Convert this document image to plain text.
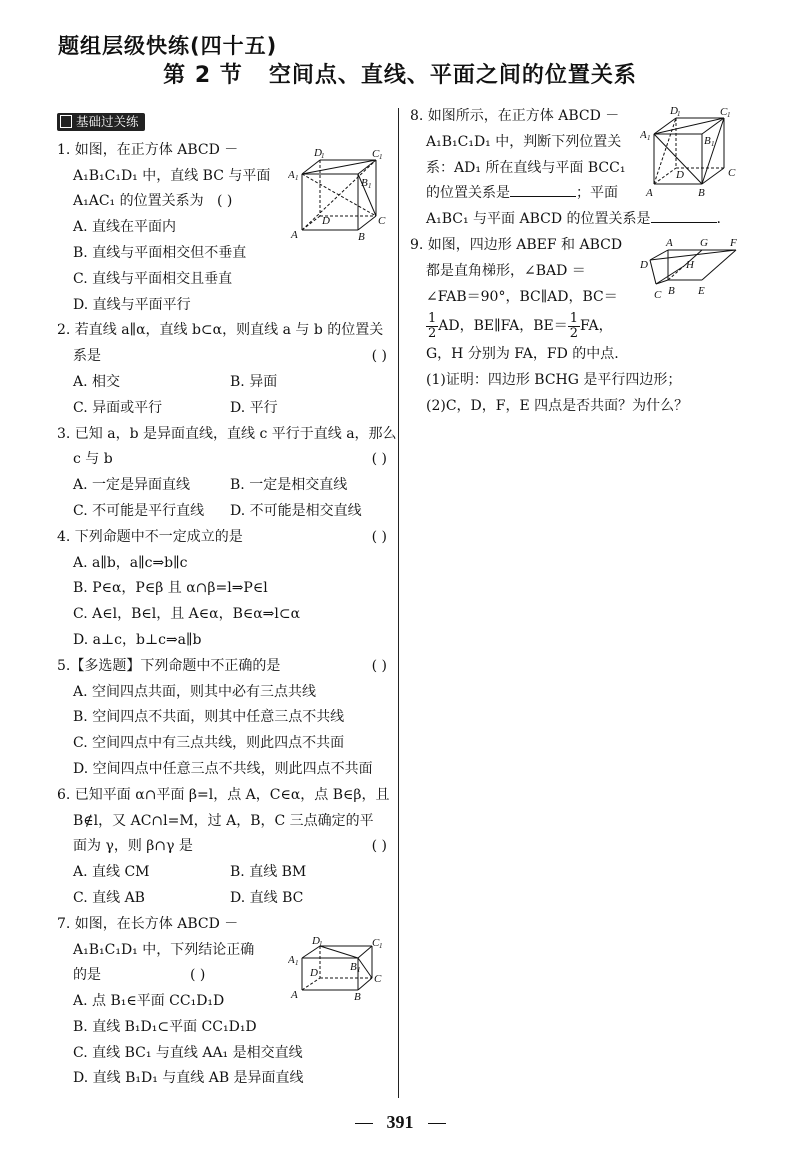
题组层级快练(四十五)
第 2 节 空间点、直线、平面之间的位置关系
基础过关练
1. 如图，在正方体 ABCD －
A₁B₁C₁D₁ 中，直线 BC 与平面
A₁AC₁ 的位置关系为 ( )
A. 直线在平面内
B. 直线与平面相交但不垂直
C. 直线与平面相交且垂直
D. 直线与平面平行
2. 若直线 a∥α，直线 b⊂α，则直线 a 与 b 的位置关
系是	( )
A. 相交	B. 异面
C. 异面或平行	D. 平行
3. 已知 a，b 是异面直线，直线 c 平行于直线 a，那么
c 与 b	( )
A. 一定是异面直线	B. 一定是相交直线
C. 不可能是平行直线	D. 不可能是相交直线
4. 下列命题中不一定成立的是	( )
A. a∥b，a∥c⇒b∥c
B. P∈α，P∈β 且 α∩β=l⇒P∈l
C. A∈l，B∈l，且 A∈α，B∈α⇒l⊂α
D. a⊥c，b⊥c⇒a∥b
5.【多选题】下列命题中不正确的是	( )
A. 空间四点共面，则其中必有三点共线
B. 空间四点不共面，则其中任意三点不共线
C. 空间四点中有三点共线，则此四点不共面
D. 空间四点中任意三点不共线，则此四点不共面
6. 已知平面 α∩平面 β=l，点 A，C∈α，点 B∈β，且
B∉l，又 AC∩l=M，过 A，B，C 三点确定的平
面为 γ，则 β∩γ 是	( )
A. 直线 CM	B. 直线 BM
C. 直线 AB	D. 直线 BC
7. 如图，在长方体 ABCD －
A₁B₁C₁D₁ 中，下列结论正确
的是	( )
A. 点 B₁∈平面 CC₁D₁D
B. 直线 B₁D₁⊂平面 CC₁D₁D
C. 直线 BC₁ 与直线 AA₁ 是相交直线
D. 直线 B₁D₁ 与直线 AB 是异面直线
D 1	C 1
A 1	B 1
D	C
A	B
D 1	C 1
A 1	B 1
D	C
A	B
8. 如图所示，在正方体 ABCD －
A₁B₁C₁D₁ 中，判断下列位置关
系：AD₁ 所在直线与平面 BCC₁
的位置关系是	；平面
A₁BC₁ 与平面 ABCD 的位置关系是	.
9. 如图，四边形 ABEF 和 ABCD
都是直角梯形，∠BAD ＝
∠FAB＝90°，BC∥AD，BC＝
$\frac{1}{2}$ AD，BE∥FA，$BE= \frac{1}{2}$ FA，
G，H 分别为 FA，FD 的中点.
(1)证明：四边形 BCHG 是平行四边形；
(2)C，D，F，E 四点是否共面？为什么？
D 1	C 1
A 1	B 1
D	C
A	B
A G F
D	H
C B E
391
